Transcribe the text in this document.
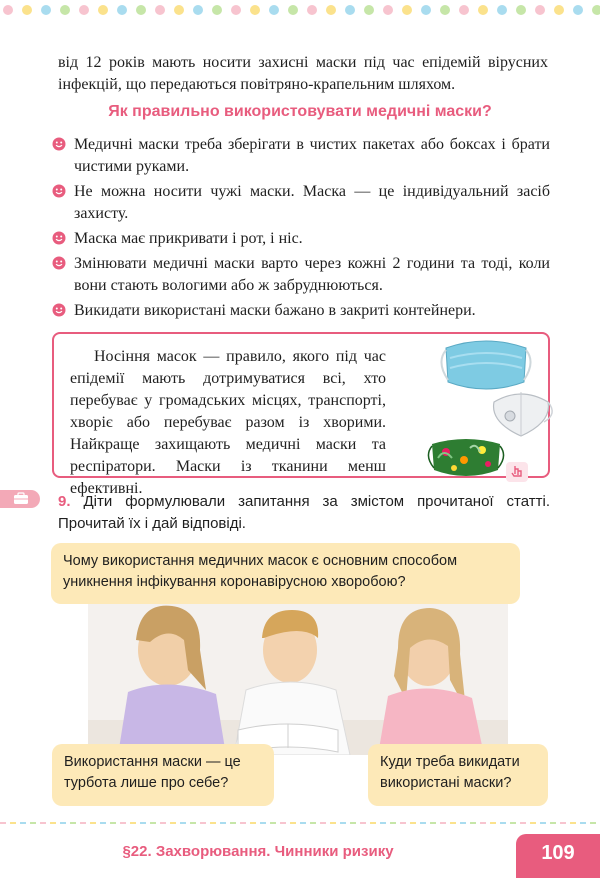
від 12 років мають носити захисні маски під час епідемій вірусних інфекцій, що передаються повітряно-крапельним шляхом.

Як правильно використовувати медичні маски?
Медичні маски треба зберігати в чистих пакетах або боксах і брати чистими руками.
Не можна носити чужі маски. Маска — це індивідуальний засіб захисту.
Маска має прикривати і рот, і ніс.
Змінювати медичні маски варто через кожні 2 години та тоді, коли вони стають вологими або ж забруднюються.
Викидати використані маски бажано в закриті контейнери.

Носіння масок — правило, якого під час епідемії мають дотримуватися всі, хто перебуває у громадських місцях, транспорті, хворіє або перебуває разом із хворими. Найкраще захищають медичні маски та респіратори. Маски із тканини менш ефективні.

9. Діти формулювали запитання за змістом прочитаної статті. Прочитай їх і дай відповіді.

Чому використання медичних масок є основним способом уникнення інфікування коронавірусною хворобою?
Використання маски — це турбота лише про себе?
Куди треба викидати використані маски?
§22. Захворювання. Чинники ризику	109
